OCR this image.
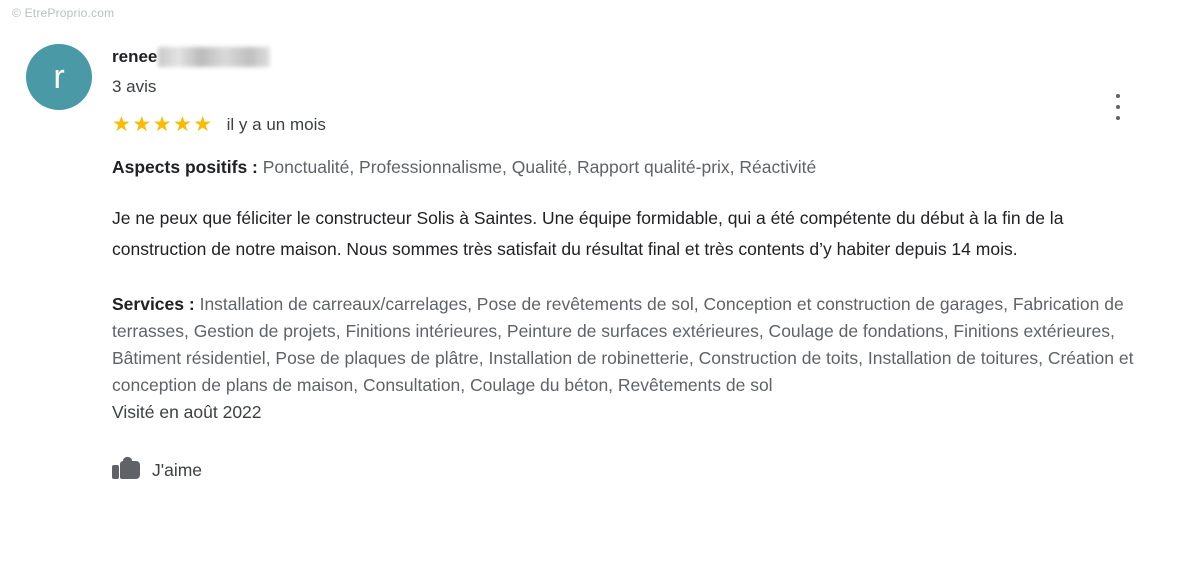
© EtreProprio.com
r
renee
3 avis
★★★★★ il y a un mois
Aspects positifs : Ponctualité, Professionnalisme, Qualité, Rapport qualité-prix, Réactivité
Je ne peux que féliciter le constructeur Solis à Saintes. Une équipe formidable, qui a été compétente du début à la fin de la construction de notre maison. Nous sommes très satisfait du résultat final et très contents d’y habiter depuis 14 mois.
Services : Installation de carreaux/carrelages, Pose de revêtements de sol, Conception et construction de garages, Fabrication de terrasses, Gestion de projets, Finitions intérieures, Peinture de surfaces extérieures, Coulage de fondations, Finitions extérieures, Bâtiment résidentiel, Pose de plaques de plâtre, Installation de robinetterie, Construction de toits, Installation de toitures, Création et conception de plans de maison, Consultation, Coulage du béton, Revêtements de sol
Visité en août 2022
J'aime
